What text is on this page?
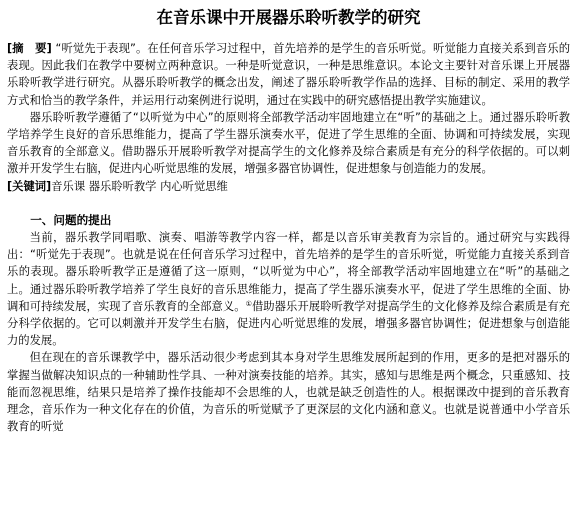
在音乐课中开展器乐聆听教学的研究

[摘　要] “听觉先于表现”。在任何音乐学习过程中，首先培养的是学生的音乐听觉。听觉能力直接关系到音乐的表现。因此我们在教学中要树立两种意识。一种是听觉意识，一种是思维意识。本论文主要针对音乐课上开展器乐聆听教学进行研究。从器乐聆听教学的概念出发，阐述了器乐聆听教学作品的选择、目标的制定、采用的教学方式和恰当的教学条件，并运用行动案例进行说明，通过在实践中的研究感悟提出教学实施建议。

器乐聆听教学遵循了“以听觉为中心”的原则将全部教学活动牢固地建立在“听”的基础之上。通过器乐聆听教学培养学生良好的音乐思维能力，提高了学生器乐演奏水平，促进了学生思维的全面、协调和可持续发展，实现音乐教育的全部意义。借助器乐开展聆听教学对提高学生的文化修养及综合素质是有充分的科学依据的。可以刺激并开发学生右脑，促进内心听觉思维的发展，增强多器官协调性，促进想象与创造能力的发展。

[关键词]音乐课 器乐聆听教学 内心听觉思维

一、问题的提出

当前，器乐教学同唱歌、演奏、唱游等教学内容一样，都是以音乐审美教育为宗旨的。通过研究与实践得出：“听觉先于表现”。也就是说在任何音乐学习过程中，首先培养的是学生的音乐听觉，听觉能力直接关系到音乐的表现。器乐聆听教学正是遵循了这一原则，“以听觉为中心”，将全部教学活动牢固地建立在“听”的基础之上。通过器乐聆听教学培养了学生良好的音乐思维能力，提高了学生器乐演奏水平，促进了学生思维的全面、协调和可持续发展，实现了音乐教育的全部意义。①借助器乐开展聆听教学对提高学生的文化修养及综合素质是有充分科学依据的。它可以刺激并开发学生右脑，促进内心听觉思维的发展，增强多器官协调性；促进想象与创造能力的发展。

但在现在的音乐课教学中，器乐活动很少考虑到其本身对学生思维发展所起到的作用，更多的是把对器乐的掌握当做解决知识点的一种辅助性学具、一种对演奏技能的培养。其实，感知与思维是两个概念，只重感知、技能而忽视思维，结果只是培养了操作技能却不会思维的人，也就是缺乏创造性的人。根据课改中提到的音乐教育理念，音乐作为一种文化存在的价值，为音乐的听觉赋予了更深层的文化内涵和意义。也就是说普通中小学音乐教育的听觉
